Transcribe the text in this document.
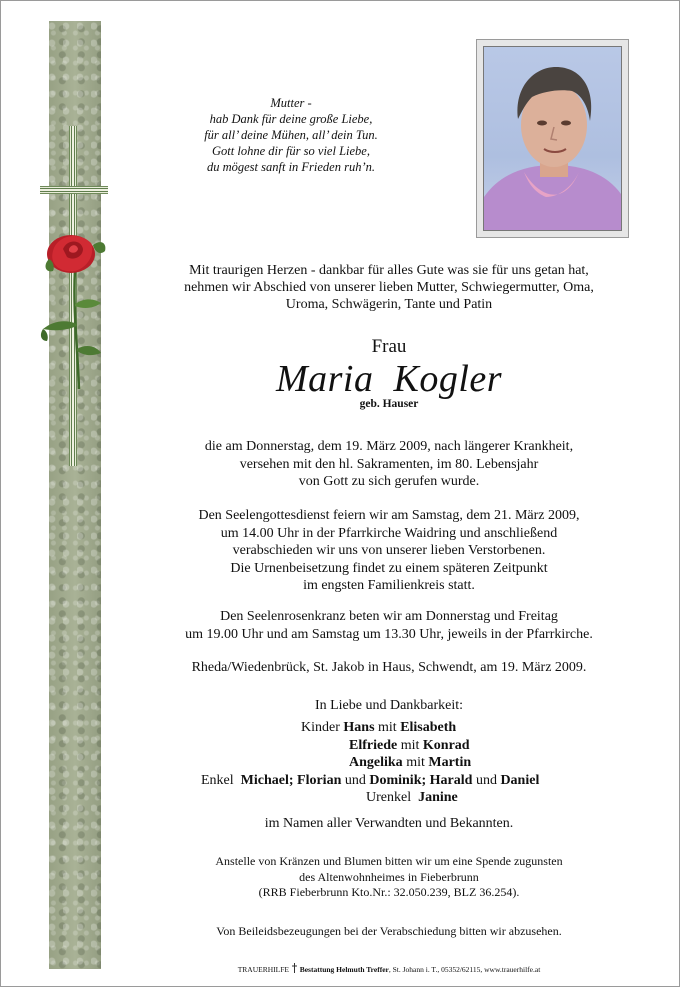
Mutter -
hab Dank für deine große Liebe,
für all’ deine Mühen, all’ dein Tun.
Gott lohne dir für so viel Liebe,
du mögest sanft in Frieden ruh’n.
Mit traurigen Herzen - dankbar für alles Gute was sie für uns getan hat,
nehmen wir Abschied von unserer lieben Mutter, Schwiegermutter, Oma,
Uroma, Schwägerin, Tante und Patin
Frau
Maria  Kogler
geb. Hauser
die am Donnerstag, dem 19. März 2009, nach längerer Krankheit,
versehen mit den hl. Sakramenten, im 80. Lebensjahr
von Gott zu sich gerufen wurde.
Den Seelengottesdienst feiern wir am Samstag, dem 21. März 2009,
um 14.00 Uhr in der Pfarrkirche Waidring und anschließend
verabschieden wir uns von unserer lieben Verstorbenen.
Die Urnenbeisetzung findet zu einem späteren Zeitpunkt
im engsten Familienkreis statt.
Den Seelenrosenkranz beten wir am Donnerstag und Freitag
um 19.00 Uhr und am Samstag um 13.30 Uhr, jeweils in der Pfarrkirche.
Rheda/Wiedenbrück, St. Jakob in Haus, Schwendt, am 19. März 2009.
In Liebe und Dankbarkeit:
Kinder Hans mit Elisabeth
Elfriede mit Konrad
Angelika mit Martin
Enkel Michael; Florian und Dominik; Harald und Daniel
Urenkel Janine
im Namen aller Verwandten und Bekannten.
Anstelle von Kränzen und Blumen bitten wir um eine Spende zugunsten
des Altenwohnheimes in Fieberbrunn
(RRB Fieberbrunn Kto.Nr.: 32.050.239, BLZ 36.254).
Von Beileidsbezeugungen bei der Verabschiedung bitten wir abzusehen.
TRAUERHILFE Bestattung Helmuth Treffer, St. Johann i. T., 05352/62115, www.trauerhilfe.at
